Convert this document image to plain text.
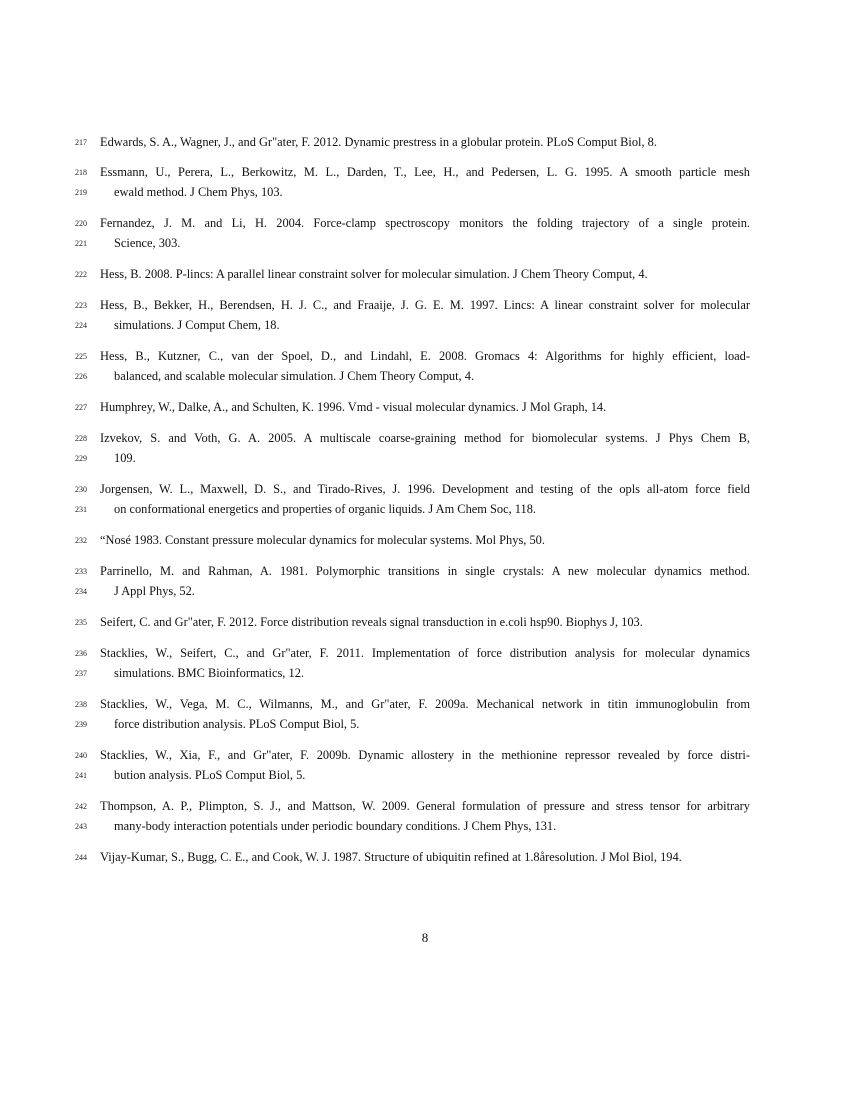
217	Edwards, S. A., Wagner, J., and Gr"ater, F. 2012. Dynamic prestress in a globular protein. PLoS Comput Biol, 8.
218	Essmann, U., Perera, L., Berkowitz, M. L., Darden, T., Lee, H., and Pedersen, L. G. 1995. A smooth particle mesh
219	ewald method. J Chem Phys, 103.
220	Fernandez, J. M. and Li, H. 2004. Force-clamp spectroscopy monitors the folding trajectory of a single protein.
221	Science, 303.
222	Hess, B. 2008. P-lincs: A parallel linear constraint solver for molecular simulation. J Chem Theory Comput, 4.
223	Hess, B., Bekker, H., Berendsen, H. J. C., and Fraaije, J. G. E. M. 1997. Lincs: A linear constraint solver for molecular
224	simulations. J Comput Chem, 18.
225	Hess, B., Kutzner, C., van der Spoel, D., and Lindahl, E. 2008. Gromacs 4: Algorithms for highly efficient, load-
226	balanced, and scalable molecular simulation. J Chem Theory Comput, 4.
227	Humphrey, W., Dalke, A., and Schulten, K. 1996. Vmd - visual molecular dynamics. J Mol Graph, 14.
228	Izvekov, S. and Voth, G. A. 2005. A multiscale coarse-graining method for biomolecular systems. J Phys Chem B,
229	109.
230	Jorgensen, W. L., Maxwell, D. S., and Tirado-Rives, J. 1996. Development and testing of the opls all-atom force field
231	on conformational energetics and properties of organic liquids. J Am Chem Soc, 118.
232	“Nosé 1983. Constant pressure molecular dynamics for molecular systems. Mol Phys, 50.
233	Parrinello, M. and Rahman, A. 1981. Polymorphic transitions in single crystals: A new molecular dynamics method.
234	J Appl Phys, 52.
235	Seifert, C. and Gr"ater, F. 2012. Force distribution reveals signal transduction in e.coli hsp90. Biophys J, 103.
236	Stacklies, W., Seifert, C., and Gr"ater, F. 2011. Implementation of force distribution analysis for molecular dynamics
237	simulations. BMC Bioinformatics, 12.
238	Stacklies, W., Vega, M. C., Wilmanns, M., and Gr"ater, F. 2009a. Mechanical network in titin immunoglobulin from
239	force distribution analysis. PLoS Comput Biol, 5.
240	Stacklies, W., Xia, F., and Gr"ater, F. 2009b. Dynamic allostery in the methionine repressor revealed by force distri-
241	bution analysis. PLoS Comput Biol, 5.
242	Thompson, A. P., Plimpton, S. J., and Mattson, W. 2009. General formulation of pressure and stress tensor for arbitrary
243	many-body interaction potentials under periodic boundary conditions. J Chem Phys, 131.
244	Vijay-Kumar, S., Bugg, C. E., and Cook, W. J. 1987. Structure of ubiquitin refined at 1.8åresolution. J Mol Biol, 194.
8
